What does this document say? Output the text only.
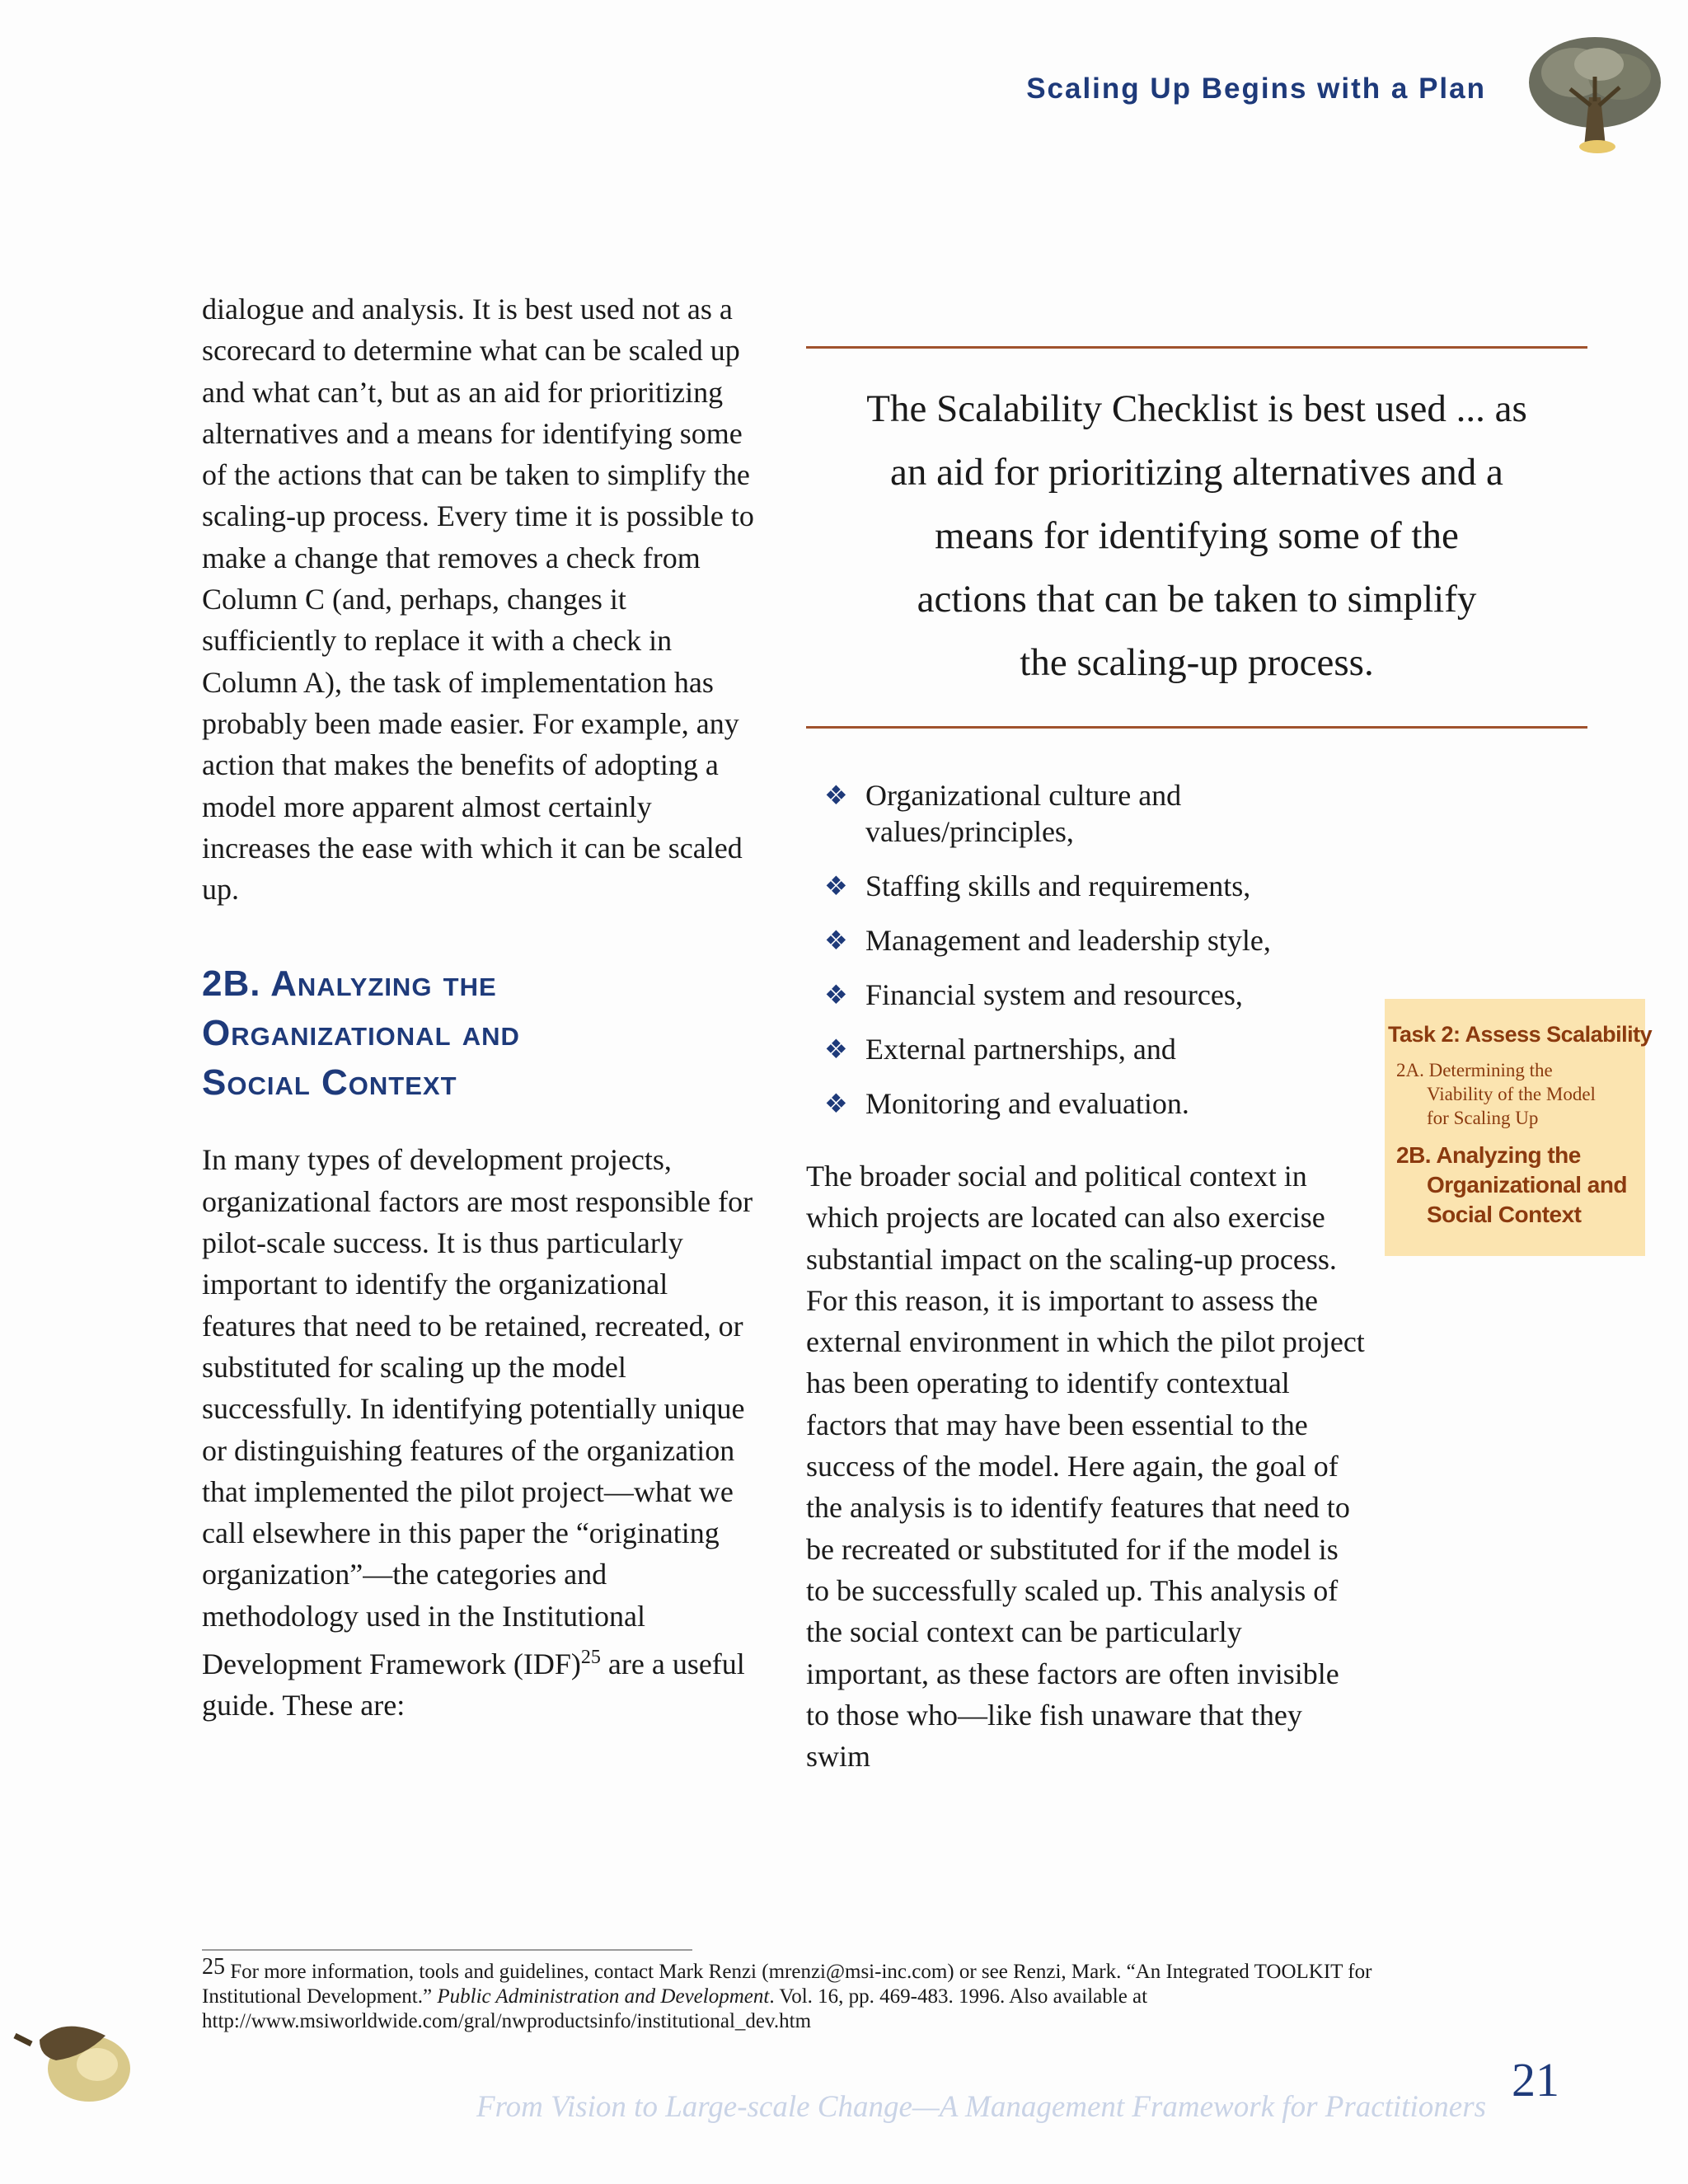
Scaling Up Begins with a Plan

dialogue and analysis. It is best used not as a scorecard to determine what can be scaled up and what can’t, but as an aid for prioritizing alternatives and a means for identifying some of the actions that can be taken to simplify the scaling-up process. Every time it is possible to make a change that removes a check from Column C (and, perhaps, changes it sufficiently to replace it with a check in Column A), the task of implementation has probably been made easier. For example, any action that makes the benefits of adopting a model more apparent almost certainly increases the ease with which it can be scaled up.

2B. Analyzing the
Organizational and
Social Context

In many types of development projects, organizational factors are most responsible for pilot-scale success. It is thus particularly important to identify the organizational features that need to be retained, recreated, or substituted for scaling up the model successfully. In identifying potentially unique or distinguishing features of the organization that implemented the pilot project—what we call elsewhere in this paper the “originating organization”—the categories and methodology used in the Institutional Development Framework (IDF)$^{25}$ are a useful guide. These are:

The Scalability Checklist is best used ... as
an aid for prioritizing alternatives and a
means for identifying some of the
actions that can be taken to simplify
the scaling-up process.
❖ Organizational culture and values/principles,
❖ Staffing skills and requirements,
❖ Management and leadership style,
❖ Financial system and resources,
❖ External partnerships, and
❖ Monitoring and evaluation.

The broader social and political context in which projects are located can also exercise substantial impact on the scaling-up process. For this reason, it is important to assess the external environment in which the pilot project has been operating to identify contextual factors that may have been essential to the success of the model. Here again, the goal of the analysis is to identify features that need to be recreated or substituted for if the model is to be successfully scaled up. This analysis of the social context can be particularly important, as these factors are often invisible to those who—like fish unaware that they swim

Task 2: Assess Scalability
2A. Determining the
Viability of the Model
for Scaling Up
2B. Analyzing the
Organizational and
Social Context
$^{25}$ For more information, tools and guidelines, contact Mark Renzi (mrenzi@msi-inc.com) or see Renzi, Mark. “An Integrated TOOLKIT for Institutional Development.” Public Administration and Development. Vol. 16, pp. 469-483. 1996. Also available at http://www.msiworldwide.com/gral/nwproductsinfo/institutional_dev.htm
From Vision to Large-scale Change—A Management Framework for Practitioners
21
